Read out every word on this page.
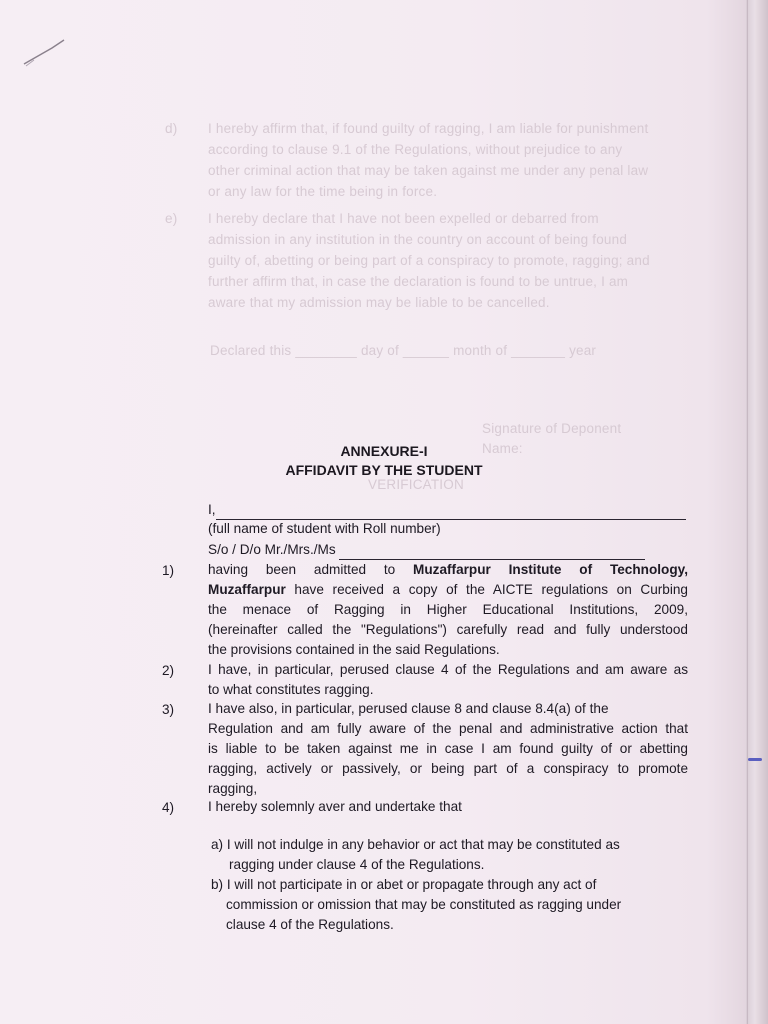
d)	I hereby affirm that, if found guilty of ragging, I am liable for punishment
according to clause 9.1 of the Regulations, without prejudice to any
other criminal action that may be taken against me under any penal law
or any law for the time being in force.
e)	I hereby declare that I have not been expelled or debarred from
admission in any institution in the country on account of being found
guilty of, abetting or being part of a conspiracy to promote, ragging; and
further affirm that, in case the declaration is found to be untrue, I am
aware that my admission may be liable to be cancelled.
Declared this ________ day of ______ month of _______ year
Signature of Deponent
Name:
VERIFICATION
ANNEXURE-I
AFFIDAVIT BY THE STUDENT
I,
(full name of student with Roll number)
S/o / D/o Mr./Mrs./Ms
1) having been admitted to Muzaffarpur Institute of Technology,
Muzaffarpur have received a copy of the AICTE regulations on Curbing
the menace of Ragging in Higher Educational Institutions, 2009,
(hereinafter called the "Regulations") carefully read and fully understood
the provisions contained in the said Regulations.
2) I have, in particular, perused clause 4 of the Regulations and am aware as
to what constitutes ragging.
3) I have also, in particular, perused clause 8 and clause 8.4(a) of the
Regulation and am fully aware of the penal and administrative action that
is liable to be taken against me in case I am found guilty of or abetting
ragging, actively or passively, or being part of a conspiracy to promote
ragging,
4) I hereby solemnly aver and undertake that
a) I will not indulge in any behavior or act that may be constituted as
ragging under clause 4 of the Regulations.
b) I will not participate in or abet or propagate through any act of
commission or omission that may be constituted as ragging under
clause 4 of the Regulations.
